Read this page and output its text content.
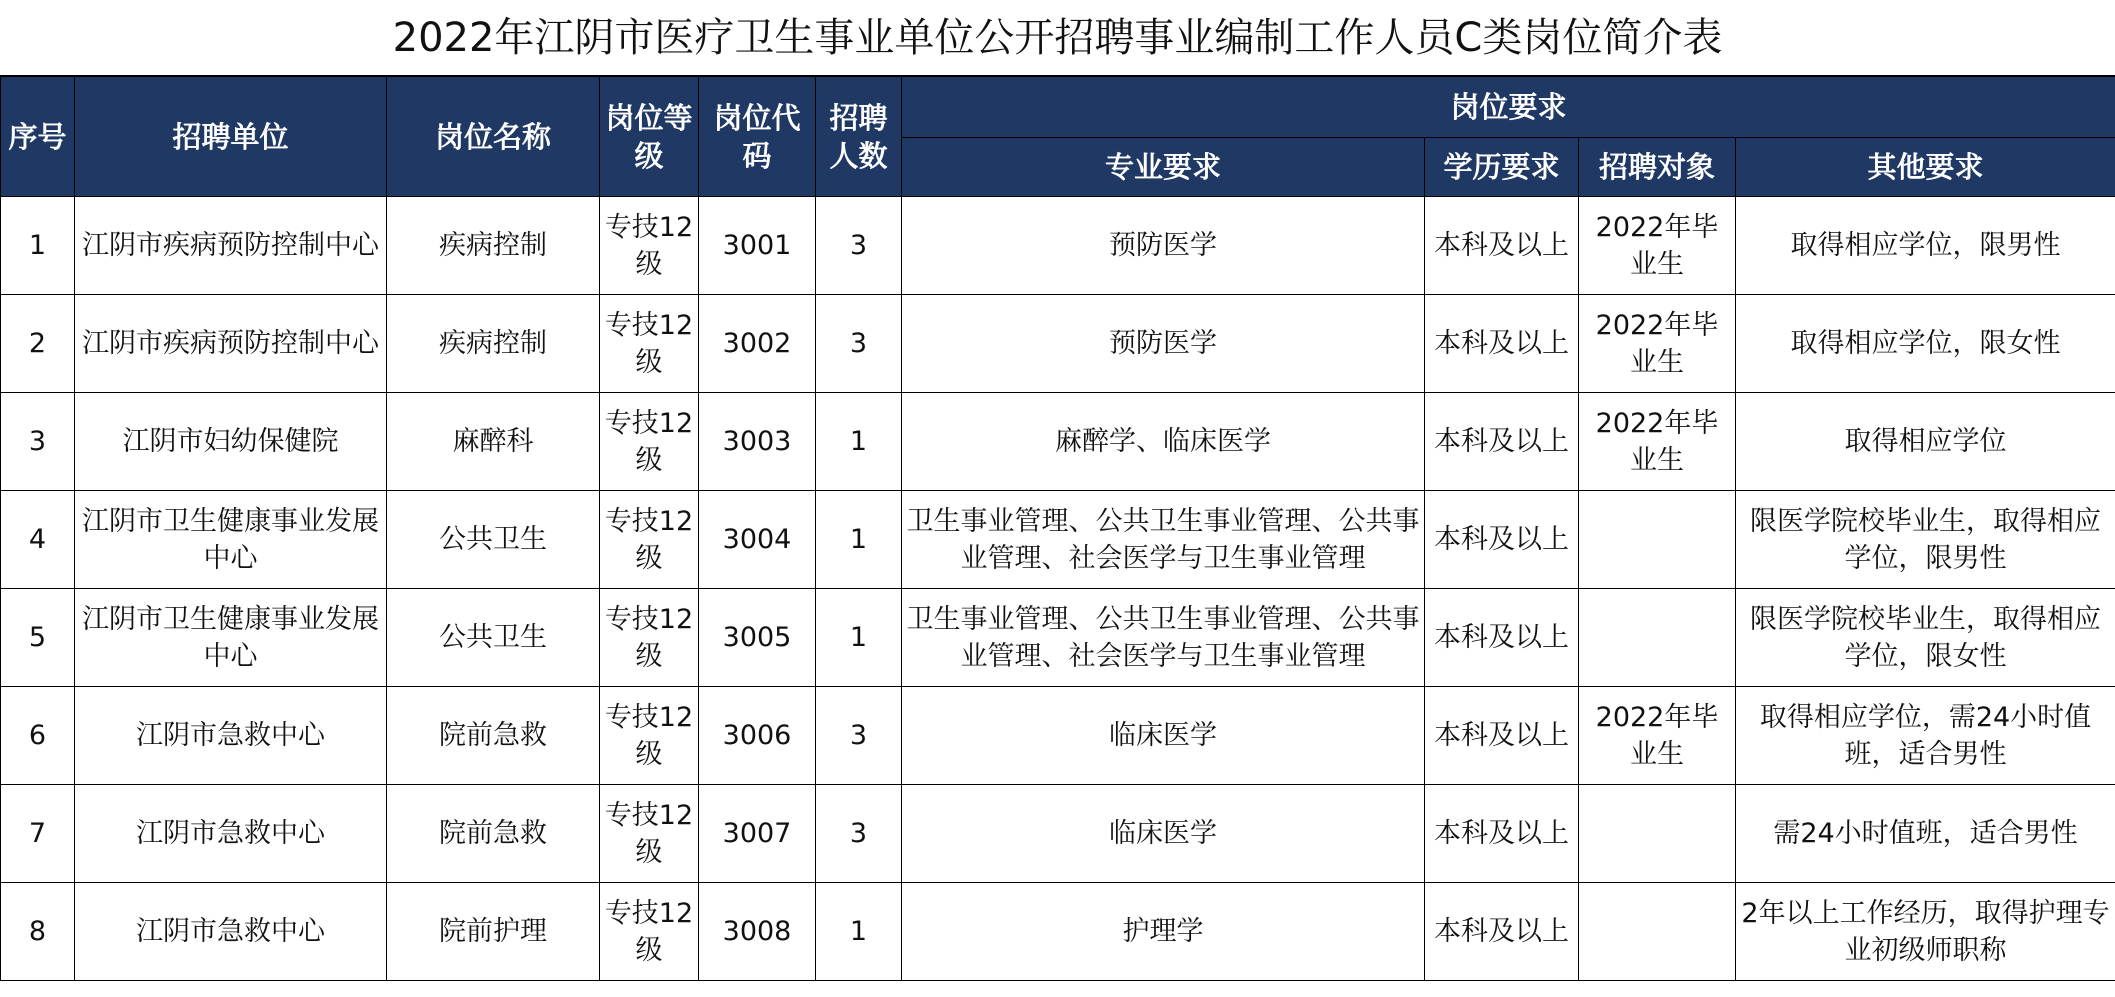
2022年江阴市医疗卫生事业单位公开招聘事业编制工作人员C类岗位简介表
序号	招聘单位	岗位名称	岗位等级	岗位代码	招聘人数	岗位要求			
						专业要求	学历要求	招聘对象	其他要求
1	江阴市疾病预防控制中心	疾病控制	专技12级	3001	3	预防医学	本科及以上	2022年毕业生	取得相应学位，限男性
2	江阴市疾病预防控制中心	疾病控制	专技12级	3002	3	预防医学	本科及以上	2022年毕业生	取得相应学位，限女性
3	江阴市妇幼保健院	麻醉科	专技12级	3003	1	麻醉学、临床医学	本科及以上	2022年毕业生	取得相应学位
4	江阴市卫生健康事业发展中心	公共卫生	专技12级	3004	1	卫生事业管理、公共卫生事业管理、公共事业管理、社会医学与卫生事业管理	本科及以上		限医学院校毕业生，取得相应学位，限男性
5	江阴市卫生健康事业发展中心	公共卫生	专技12级	3005	1	卫生事业管理、公共卫生事业管理、公共事业管理、社会医学与卫生事业管理	本科及以上		限医学院校毕业生，取得相应学位，限女性
6	江阴市急救中心	院前急救	专技12级	3006	3	临床医学	本科及以上	2022年毕业生	取得相应学位，需24小时值班，适合男性
7	江阴市急救中心	院前急救	专技12级	3007	3	临床医学	本科及以上		需24小时值班，适合男性
8	江阴市急救中心	院前护理	专技12级	3008	1	护理学	本科及以上		2年以上工作经历，取得护理专业初级师职称
